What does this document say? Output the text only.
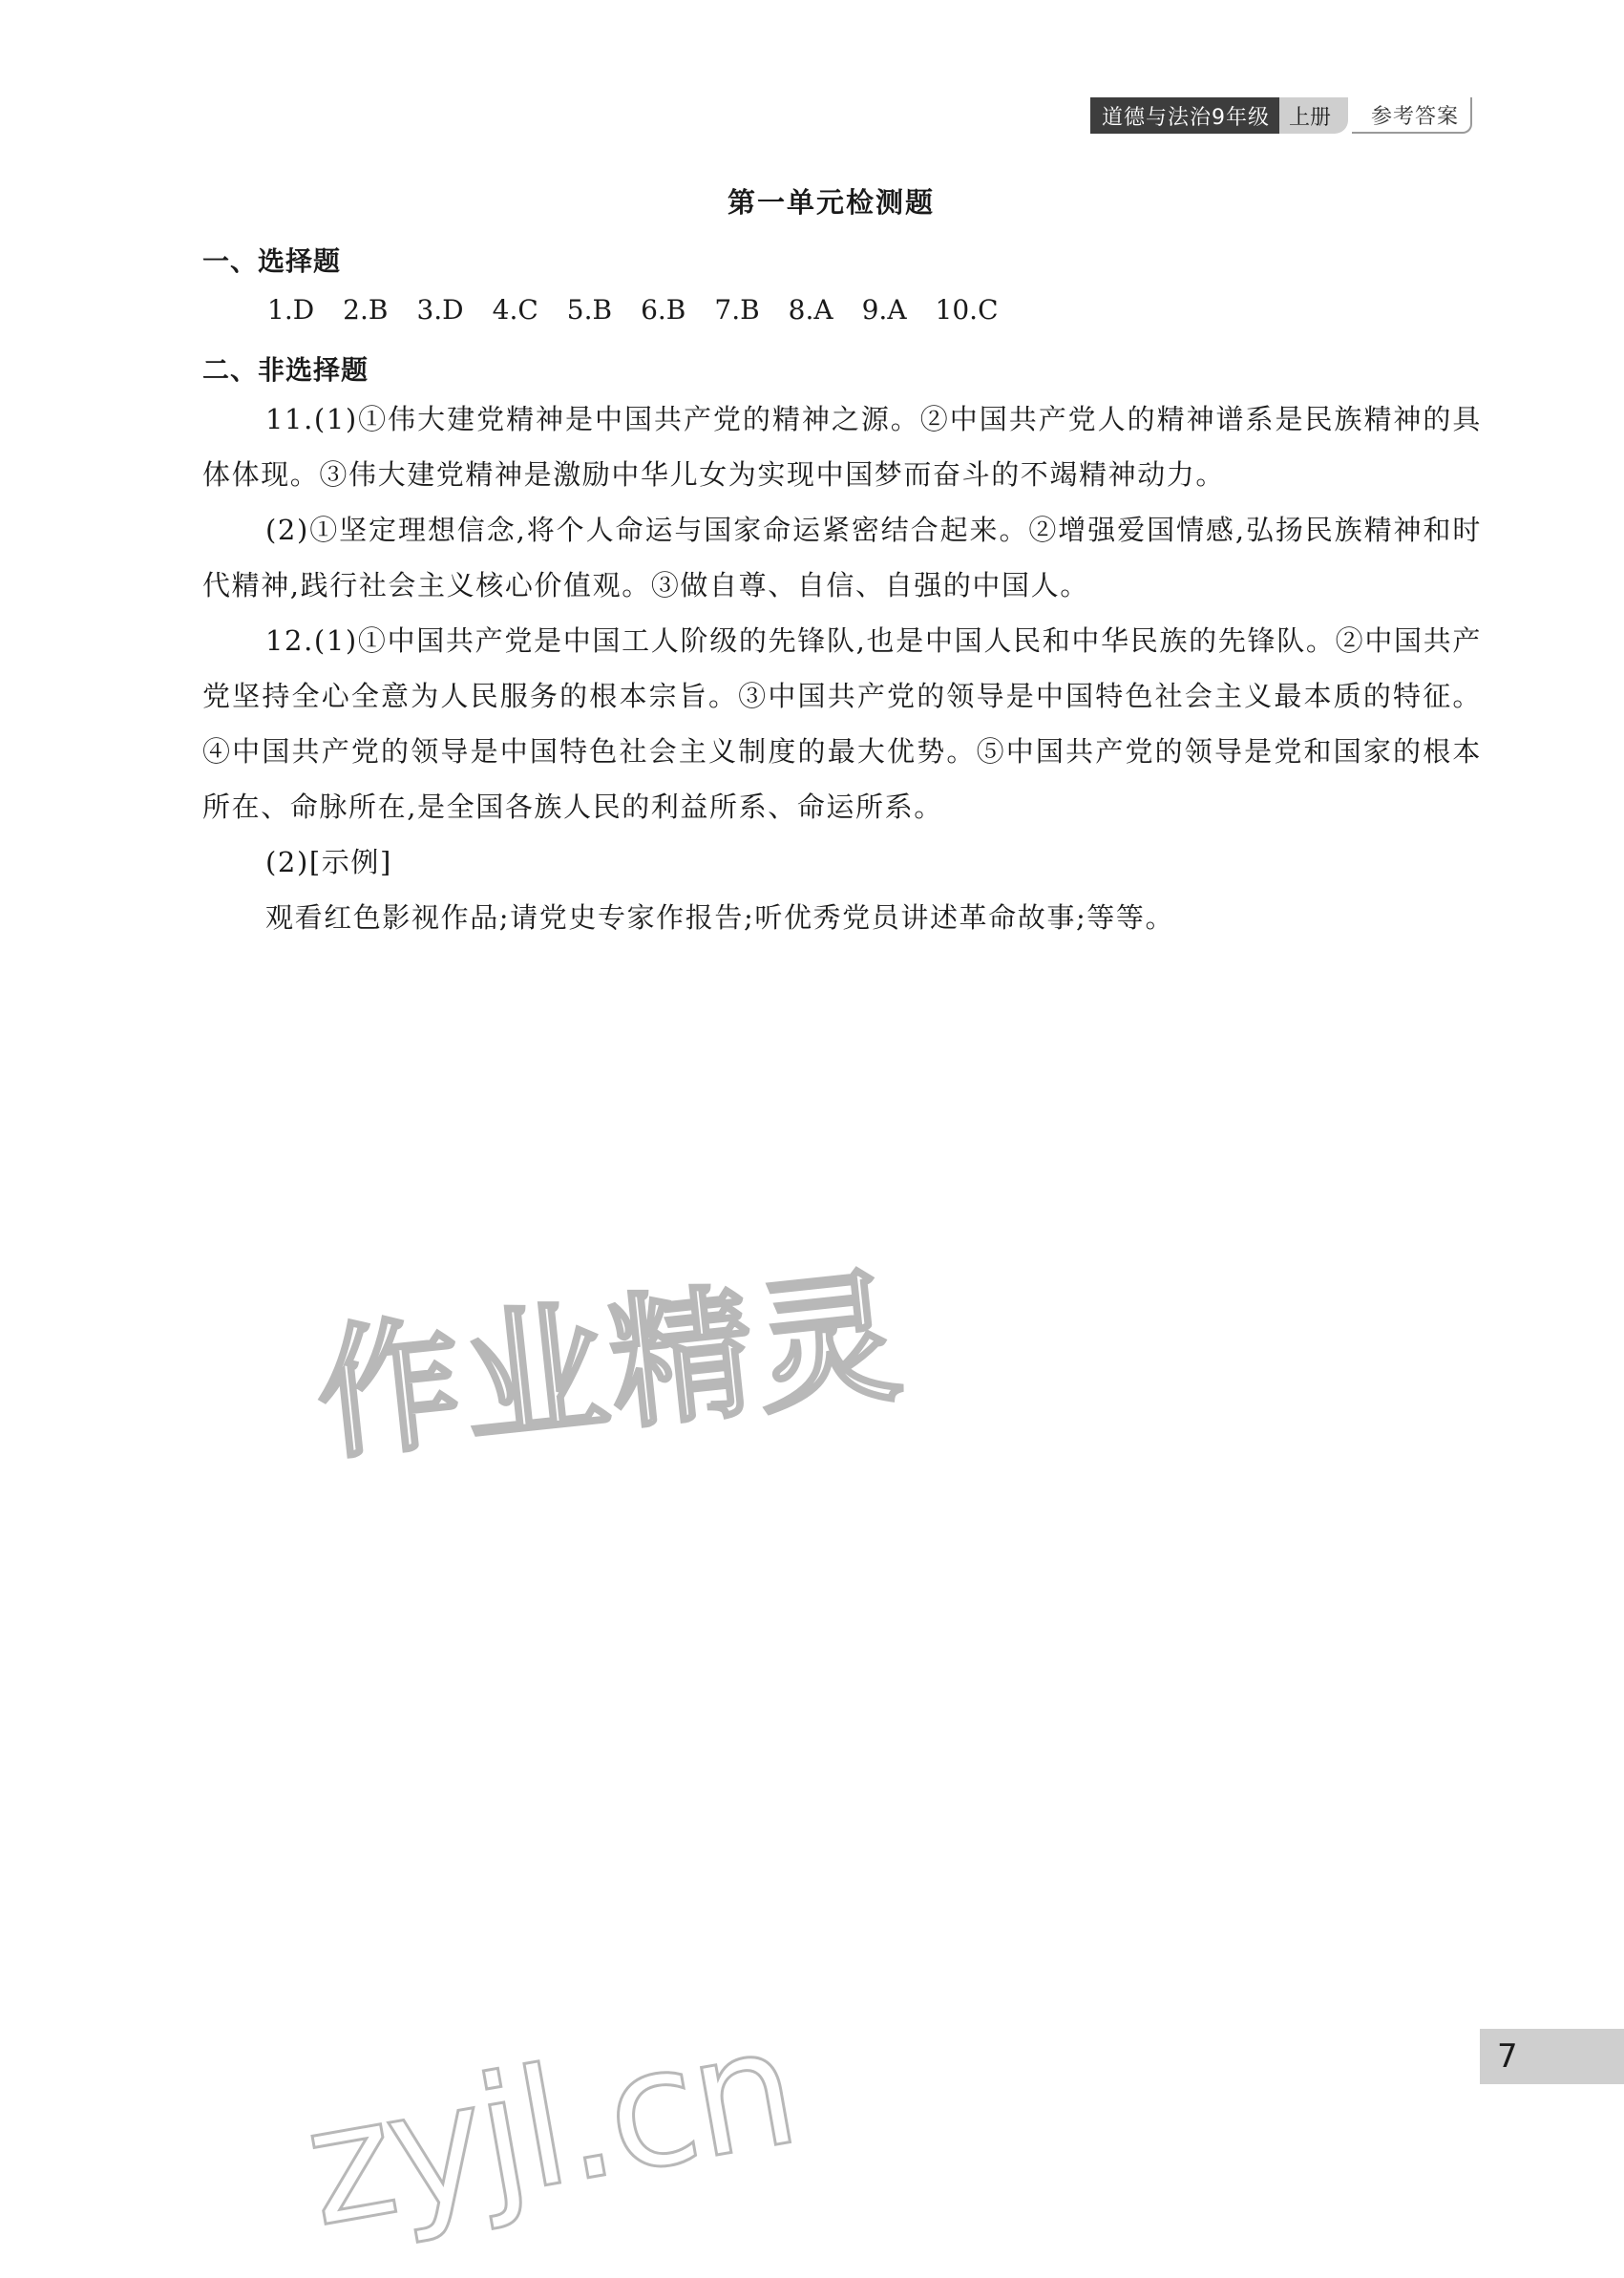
道德与法治9年级 上册	参考答案
第一单元检测题
一、选择题
1.D 2.B 3.D 4.C 5.B 6.B 7.B 8.A 9.A 10.C
二、非选择题
11.(1)①伟大建党精神是中国共产党的精神之源。②中国共产党人的精神谱系是民族精神的具体体现。③伟大建党精神是激励中华儿女为实现中国梦而奋斗的不竭精神动力。
(2)①坚定理想信念,将个人命运与国家命运紧密结合起来。②增强爱国情感,弘扬民族精神和时代精神,践行社会主义核心价值观。③做自尊、自信、自强的中国人。
12.(1)①中国共产党是中国工人阶级的先锋队,也是中国人民和中华民族的先锋队。②中国共产党坚持全心全意为人民服务的根本宗旨。③中国共产党的领导是中国特色社会主义最本质的特征。④中国共产党的领导是中国特色社会主义制度的最大优势。⑤中国共产党的领导是党和国家的根本所在、命脉所在,是全国各族人民的利益所系、命运所系。
(2)[示例]
观看红色影视作品;请党史专家作报告;听优秀党员讲述革命故事;等等。
作业精灵
zyjl.cn	7
